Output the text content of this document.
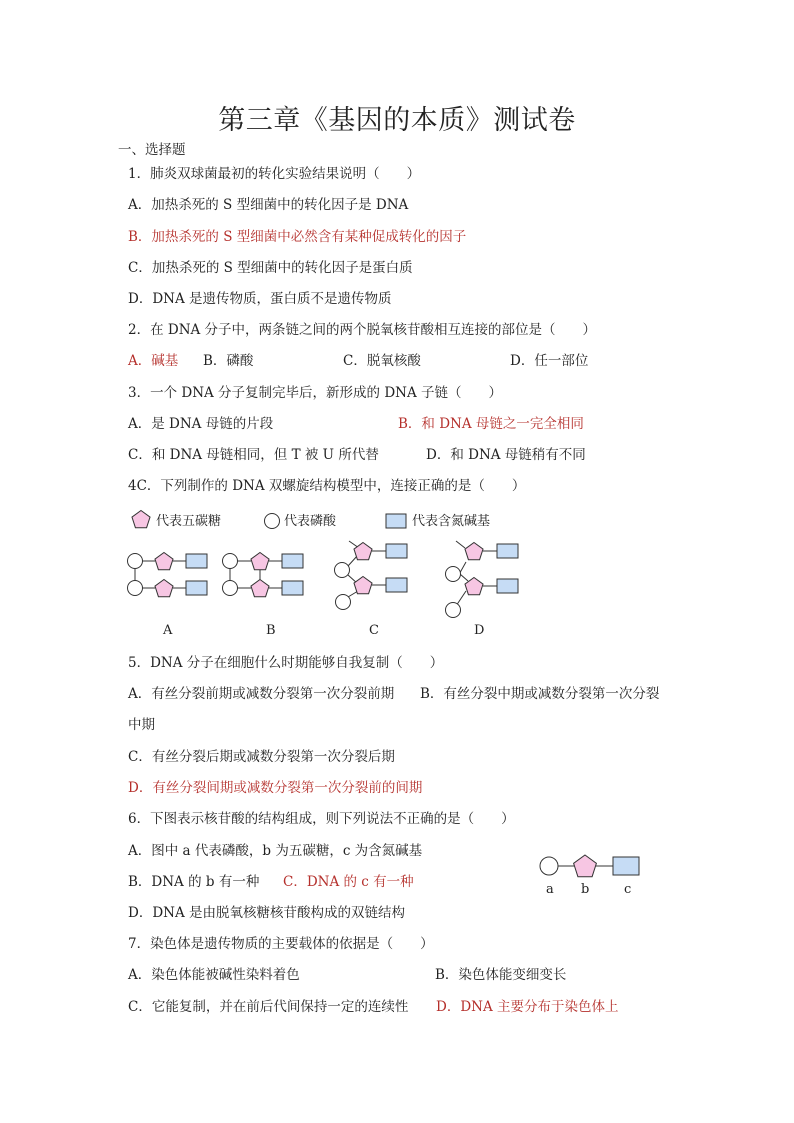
第三章《基因的本质》测试卷
一、选择题
1．肺炎双球菌最初的转化实验结果说明（　　）
A．加热杀死的 S 型细菌中的转化因子是 DNA
B．加热杀死的 S 型细菌中必然含有某种促成转化的因子
C．加热杀死的 S 型细菌中的转化因子是蛋白质
D．DNA 是遗传物质，蛋白质不是遗传物质
2．在 DNA 分子中，两条链之间的两个脱氧核苷酸相互连接的部位是（　　）
A．碱基 B．磷酸	C．脱氧核酸	D．任一部位
3．一个 DNA 分子复制完毕后，新形成的 DNA 子链（　　）
A．是 DNA 母链的片段	B．和 DNA 母链之一完全相同
C．和 DNA 母链相同，但 T 被 U 所代替	D．和 DNA 母链稍有不同
4C．下列制作的 DNA 双螺旋结构模型中，连接正确的是（　　）
代表五碳糖	代表磷酸	代表含氮碱基
A	B	C	D
5．DNA 分子在细胞什么时期能够自我复制（　　）
A．有丝分裂前期或减数分裂第一次分裂前期 B．有丝分裂中期或减数分裂第一次分裂
中期
C．有丝分裂后期或减数分裂第一次分裂后期
D．有丝分裂间期或减数分裂第一次分裂前的间期
6．下图表示核苷酸的结构组成，则下列说法不正确的是（　　）
A．图中 a 代表磷酸，b 为五碳糖，c 为含氮碱基
B．DNA 的 b 有一种 C．DNA 的 c 有一种
D．DNA 是由脱氧核糖核苷酸构成的双链结构
a b	c
7．染色体是遗传物质的主要载体的依据是（　　）
A．染色体能被碱性染料着色	B．染色体能变细变长
C．它能复制，并在前后代间保持一定的连续性 D．DNA 主要分布于染色体上
